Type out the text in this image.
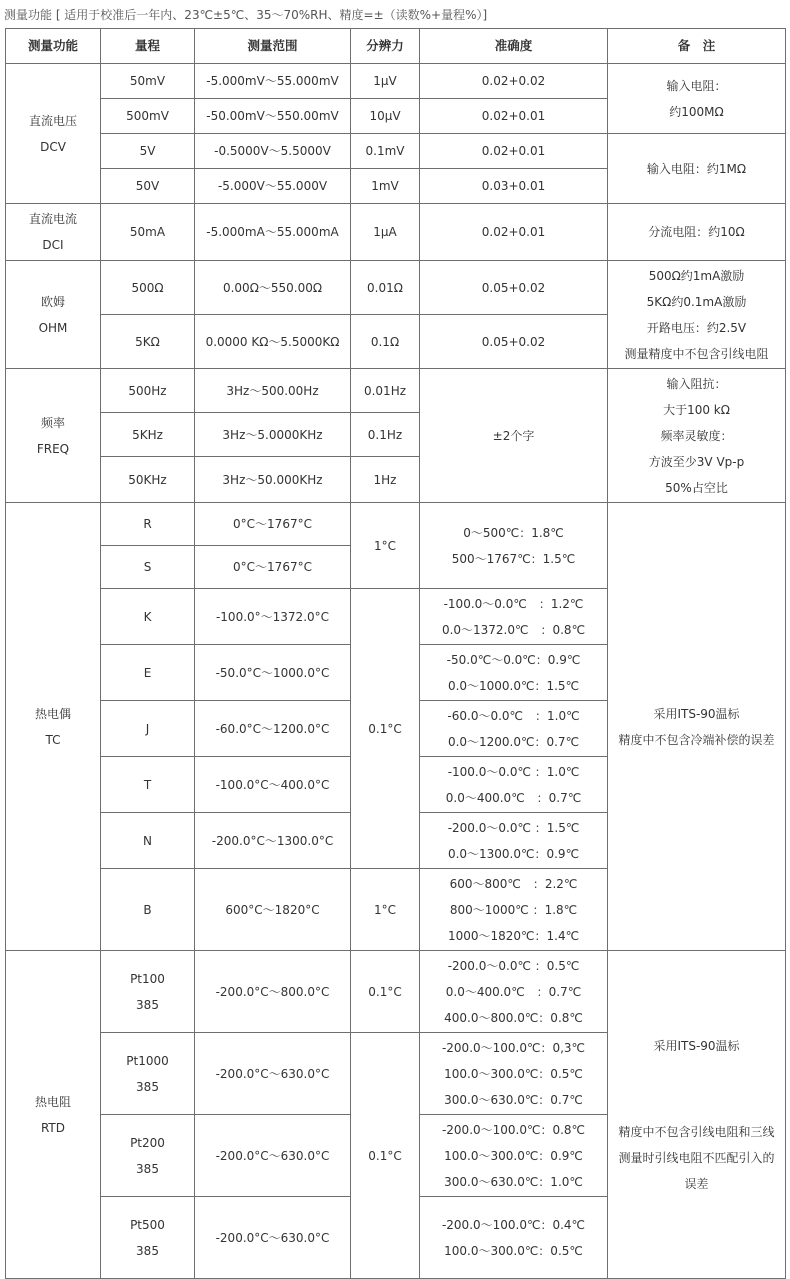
测量功能 [ 适用于校准后一年内、23℃±5℃、35～70%RH、精度=±（读数%+量程%）]
测量功能	量程	测量范围	分辨力	准确度	备　注

直流电压
DCV	50mV	-5.000mV～55.000mV	1μV	0.02+0.02	输入电阻：
约100MΩ

	500mV	-50.00mV～550.00mV	10μV	0.02+0.01	
	5V	-0.5000V～5.5000V	0.1mV	0.02+0.01	输入电阻：约1MΩ
	50V	-5.000V～55.000V	1mV	0.03+0.01	

直流电流
DCI	50mA	-5.000mA～55.000mA	1μA	0.02+0.01	分流电阻：约10Ω

欧姆
OHM	500Ω	0.00Ω～550.00Ω	0.01Ω	0.05+0.02	500Ω约1mA激励
5KΩ约0.1mA激励
开路电压：约2.5V
测量精度中不包含引线电阻

	5KΩ	0.0000 KΩ～5.5000KΩ	0.1Ω	0.05+0.02	

频率
FREQ	500Hz	3Hz～500.00Hz	0.01Hz	±2个字	输入阻抗：
大于100 kΩ
频率灵敏度：
方波至少3V Vp-p
50%占空比

	5KHz	3Hz～5.0000KHz	0.1Hz		
	50KHz	3Hz～50.000KHz	1Hz		

热电偶
TC	R	0°C～1767°C	1°C	0～500℃：1.8℃
500～1767℃：1.5℃	采用ITS-90温标
精度中不包含冷端补偿的误差

	S	0°C～1767°C			
	K	-100.0°～1372.0°C	0.1°C	-100.0～0.0℃　：1.2℃
0.0～1372.0℃　：0.8℃	

	E	-50.0°C～1000.0°C		-50.0℃～0.0℃：0.9℃
0.0～1000.0℃：1.5℃	

	J	-60.0°C～1200.0°C		-60.0～0.0℃　：1.0℃
0.0～1200.0℃：0.7℃	

	T	-100.0°C～400.0°C		-100.0～0.0℃ ：1.0℃
0.0～400.0℃　：0.7℃	

	N	-200.0°C～1300.0°C		-200.0～0.0℃ ：1.5℃
0.0～1300.0℃：0.9℃	

	B	600°C～1820°C	1°C	600～800℃　：2.2℃
800～1000℃ ：1.8℃
1000～1820℃：1.4℃	

热电阻
RTD	Pt100
385	-200.0°C～800.0°C	0.1°C	-200.0～0.0℃ ：0.5℃
0.0～400.0℃　：0.7℃
400.0～800.0℃：0.8℃	采用ITS-90温标
精度中不包含引线电阻和三线
测量时引线电阻不匹配引入的
误差

	Pt1000
385	-200.0°C～630.0°C	0.1°C	-200.0～100.0℃：0,3℃
100.0～300.0℃：0.5℃
300.0～630.0℃：0.7℃	

	Pt200
385	-200.0°C～630.0°C		-200.0～100.0℃：0.8℃
100.0～300.0℃：0.9℃
300.0～630.0℃：1.0℃	

	Pt500
385	-200.0°C～630.0°C		-200.0～100.0℃：0.4℃
100.0～300.0℃：0.5℃	
